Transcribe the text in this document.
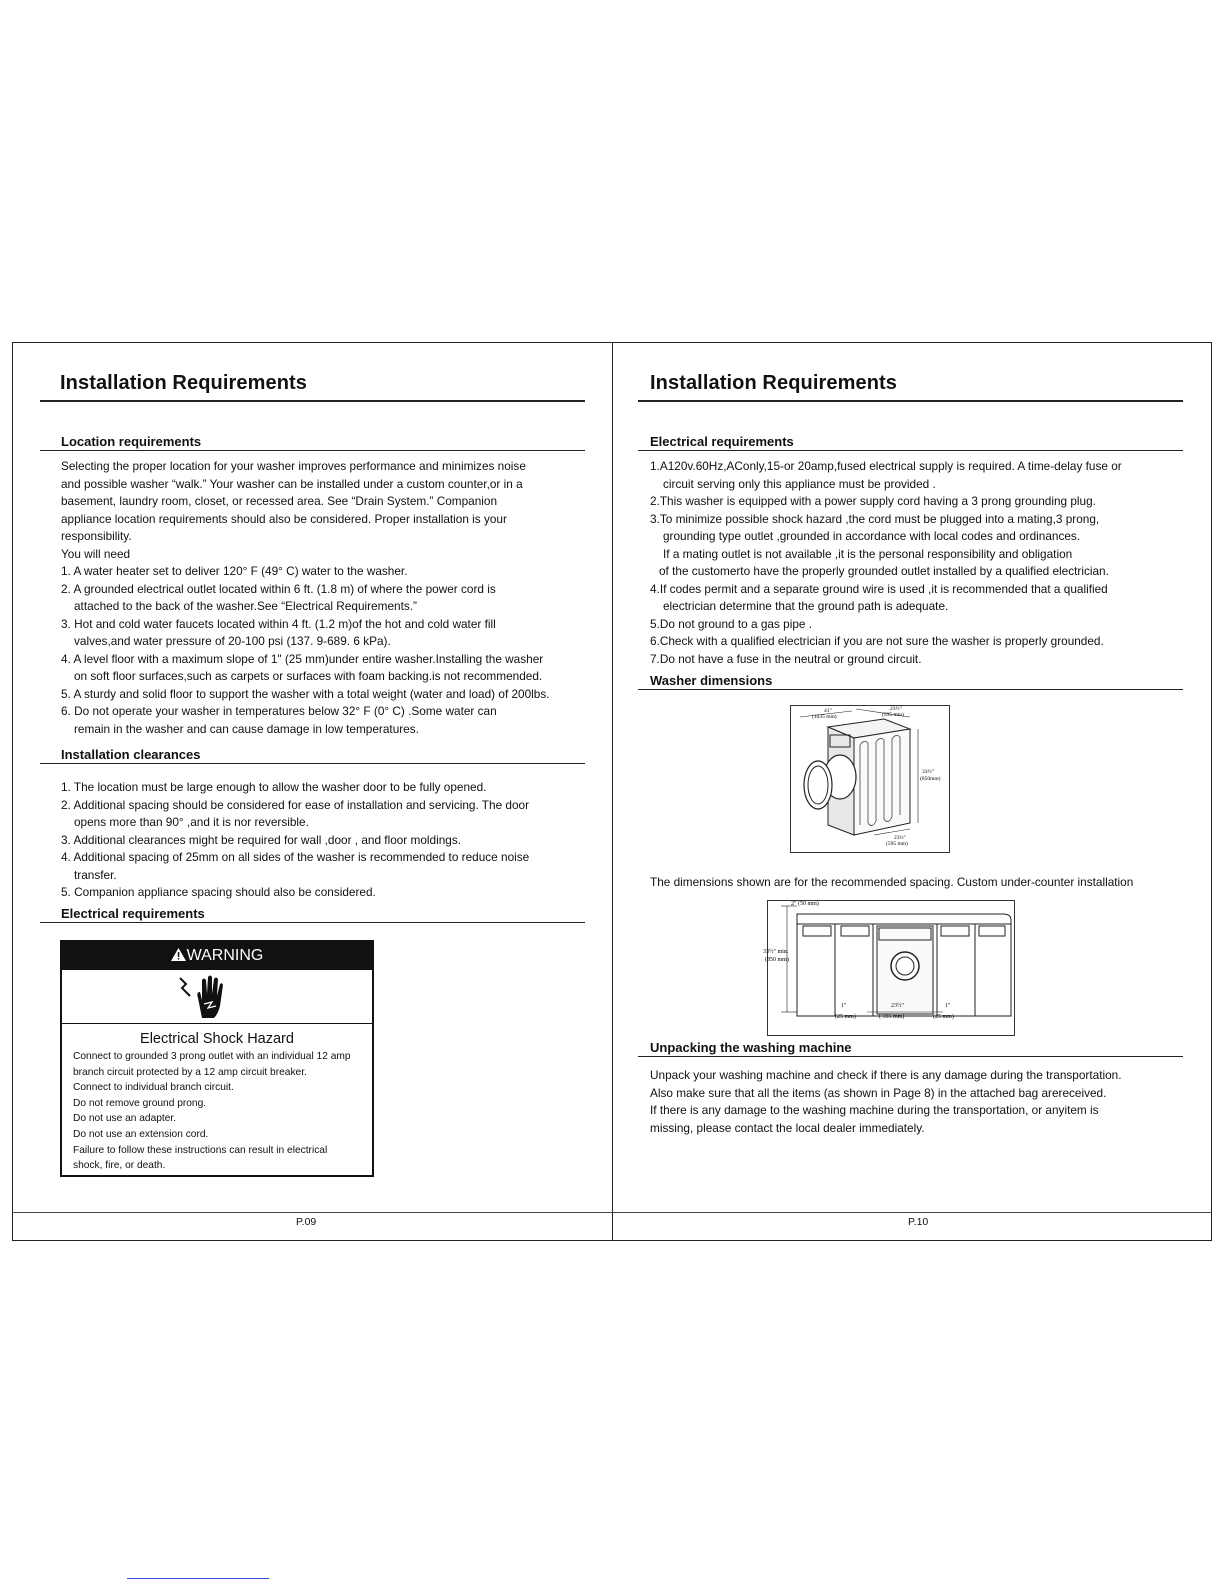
Installation Requirements
Location requirements
Selecting the proper location for your washer improves performance and minimizes noise
and possible washer “walk.” Your washer can be installed under a custom counter,or in a
basement, laundry room, closet, or recessed area. See “Drain System.” Companion
appliance location requirements should also be considered. Proper installation is your
responsibility.
You will need
1. A water heater set to deliver 120° F (49° C) water to the washer.
2. A grounded electrical outlet located within 6 ft. (1.8 m) of where the power cord is
attached to the back of the washer.See “Electrical Requirements.”
3. Hot and cold water faucets located within 4 ft. (1.2 m)of the hot and cold water fill
valves,and water pressure of 20-100 psi (137. 9-689. 6 kPa).
4. A level floor with a maximum slope of 1" (25 mm)under entire washer.Installing the washer
on soft floor surfaces,such as carpets or surfaces with foam backing.is not recommended.
5. A sturdy and solid floor to support the washer with a total weight (water and load) of 200lbs.
6. Do not operate your washer in temperatures below 32° F (0° C) .Some water can
remain in the washer and can cause damage in low temperatures.
Installation clearances
1. The location must be large enough to allow the washer door to be fully opened.
2. Additional spacing should be considered for ease of installation and servicing. The door
opens more than 90° ,and it is nor reversible.
3. Additional clearances might be required for wall ,door , and floor moldings.
4. Additional spacing of 25mm on all sides of the washer is recommended to reduce noise
transfer.
5. Companion appliance spacing should also be considered.
Electrical requirements
WARNING
Electrical Shock Hazard
Connect to grounded 3 prong outlet with an individual 12 amp
branch circuit protected by a 12 amp circuit breaker.
Connect to individual branch circuit.
Do not remove ground prong.
Do not use an adapter.
Do not use an extension cord.
Failure to follow these instructions can result in electrical
shock, fire, or death.
P.09
Installation Requirements
Electrical requirements
1.A120v.60Hz,AConly,15-or 20amp,fused electrical supply is required. A time-delay fuse or
circuit serving only this appliance must be provided .
2.This washer is equipped with a power supply cord having a 3 prong grounding plug.
3.To minimize possible shock hazard ,the cord must be plugged into a mating,3 prong,
grounding type outlet ,grounded in accordance with local codes and ordinances.
If a mating outlet is not available ,it is the personal responsibility and obligation
of the customerto have the properly grounded outlet installed by a qualified electrician.
4.If codes permit and a separate ground wire is used ,it is recommended that a qualified
electrician determine that the ground path is adequate.
5.Do not ground to a gas pipe .
6.Check with a qualified electrician if you are not sure the washer is properly grounded.
7.Do not have a fuse in the neutral or ground circuit.
Washer dimensions
41"
(1035 mm)
23½"
(595 mm)
33½"
(850mm)
23½"
(595 mm)
The dimensions shown are for the recommended spacing. Custom under-counter installation
2" (50 mm)
33½" min.
(850 mm)
1"
(25 mm)
23½"
( 595 mm)
1"
(25 mm)
Unpacking the washing machine
Unpack your washing machine and check if there is any damage during the transportation.
Also make sure that all the items (as shown in Page 8) in the attached bag arereceived.
If there is any damage to the washing machine during the transportation, or anyitem is
missing, please contact the local dealer immediately.
P.10
